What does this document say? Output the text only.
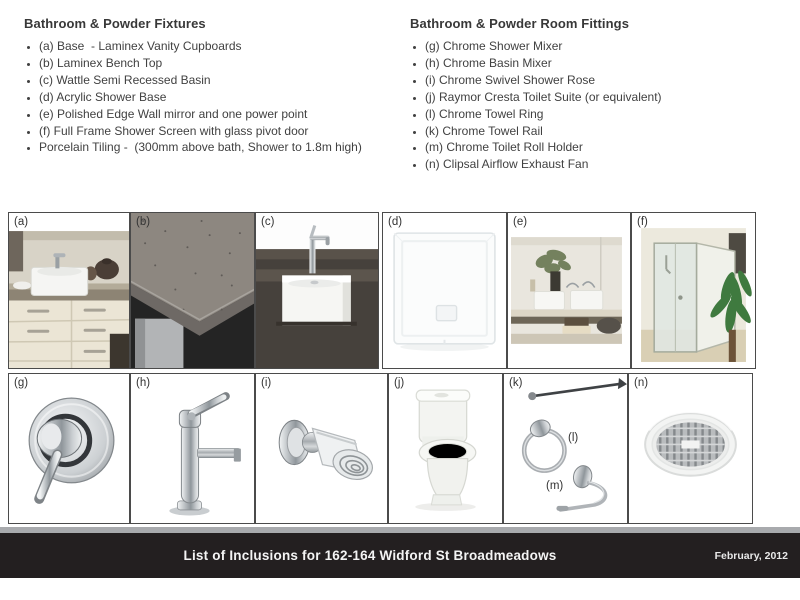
Bathroom & Powder Fixtures
• (a) Base  - Laminex Vanity Cupboards
• (b) Laminex Bench Top
• (c) Wattle Semi Recessed Basin
• (d) Acrylic Shower Base
• (e) Polished Edge Wall mirror and one power point
• (f) Full Frame Shower Screen with glass pivot door
• Porcelain Tiling -  (300mm above bath, Shower to 1.8m high)
Bathroom & Powder Room Fittings
• (g) Chrome Shower Mixer
• (h) Chrome Basin Mixer
• (i) Chrome Swivel Shower Rose
• (j) Raymor Cresta Toilet Suite (or equivalent)
• (l) Chrome Towel Ring
• (k) Chrome Towel Rail
• (m) Chrome Toilet Roll Holder
• (n) Clipsal Airflow Exhaust Fan
(a)	(b)	(c)	(d)	(e)	(f)
(g)	(h)	(i)	(j)	(k)
(l)
(m)
(n)
List of Inclusions for 162-164 Widford St Broadmeadows	February, 2012
